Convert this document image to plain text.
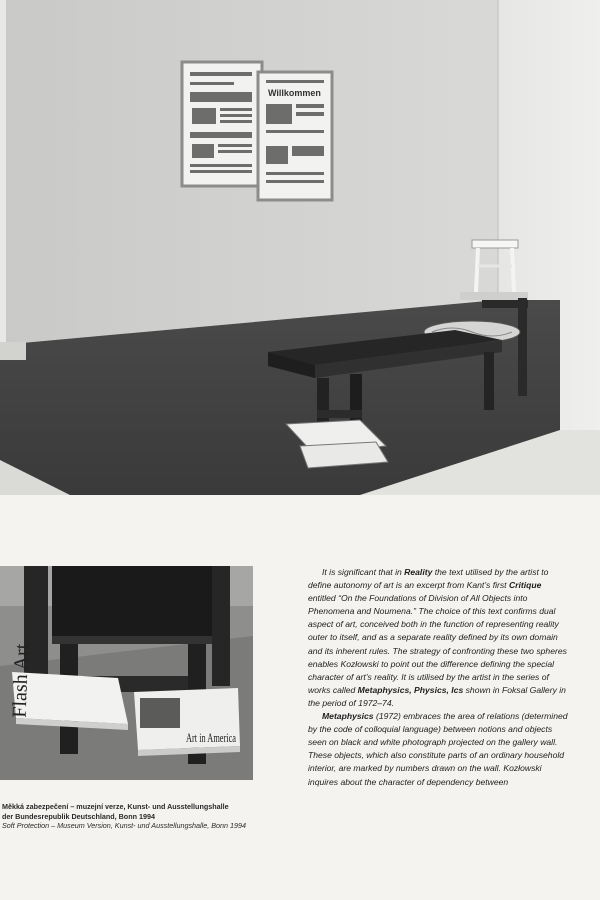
Willkommen
Flash Art
Art in America
Měkká zabezpečení – muzejní verze, Kunst- und Ausstellungshalle
der Bundesrepublik Deutschland, Bonn 1994
Soft Protection – Museum Version, Kunst- und Ausstellungshalle, Bonn 1994

It is significant that in Reality the text utilised by the artist to define autonomy of art is an excerpt from Kant’s first Critique entitled “On the Foundations of Division of All Objects into Phenomena and Noumena.” The choice of this text confirms dual aspect of art, conceived both in the function of representing reality outer to itself, and as a separate reality defined by its own domain and its inherent rules. The strategy of confronting these two spheres enables Kozłowski to point out the difference defining the special character of art’s reality. It is utilised by the artist in the series of works called Metaphysics, Physics, Ics shown in Foksal Gallery in the period of 1972–74.

Metaphysics (1972) embraces the area of relations (determined by the code of colloquial language) between notions and objects seen on black and white photograph projected on the gallery wall. These objects, which also constitute parts of an ordinary household interior, are marked by numbers drawn on the wall. Kozłowski inquires about the character of dependency between
